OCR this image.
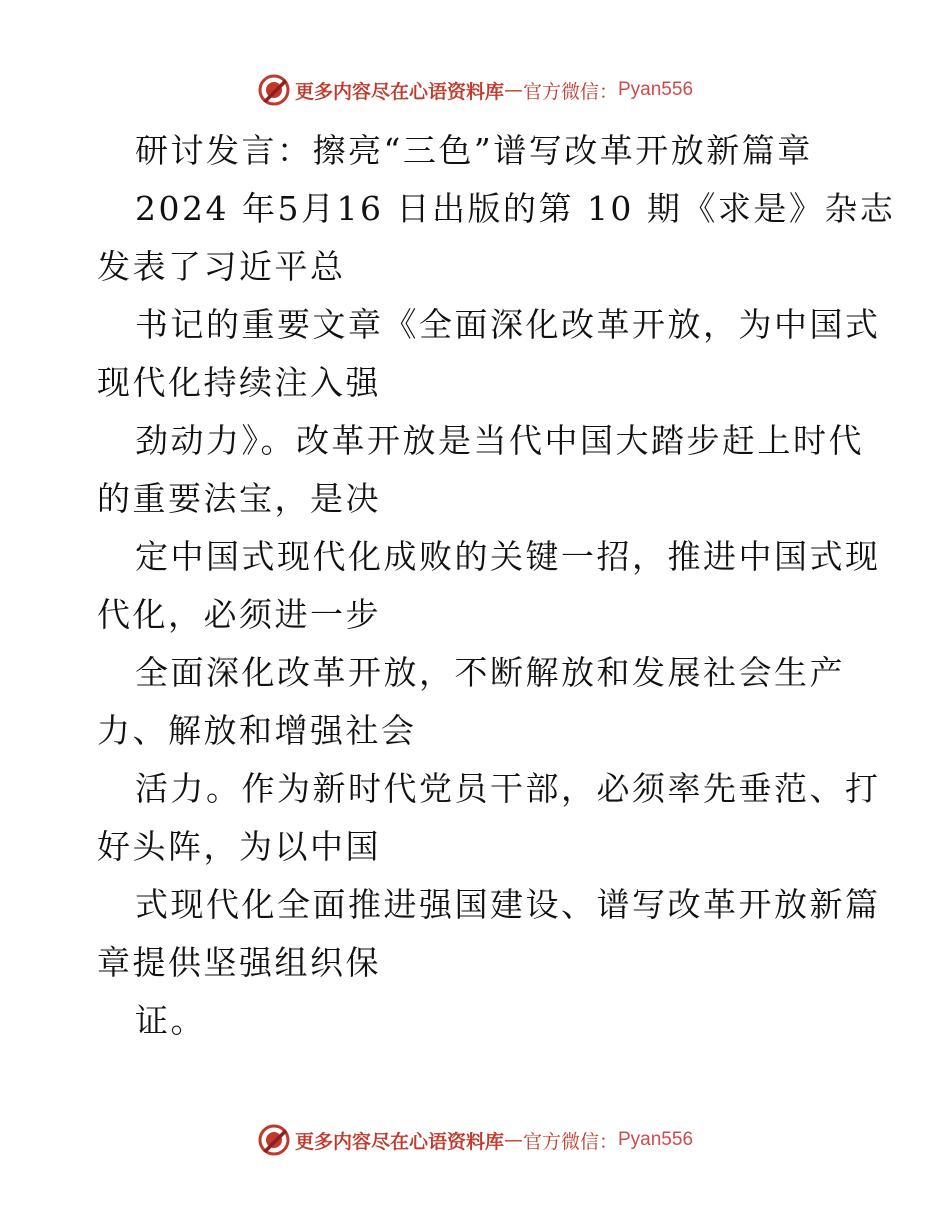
更多内容尽在心语资料库 — 官方微信： Pyan556
研讨发言：擦亮“三色”谱写改革开放新篇章
2024 年5月16 日出版的第 10 期《求是》杂志
发表了习近平总
书记的重要文章《全面深化改革开放，为中国式
现代化持续注入强
劲动力》。改革开放是当代中国大踏步赶上时代
的重要法宝，是决
定中国式现代化成败的关键一招，推进中国式现
代化，必须进一步
全面深化改革开放，不断解放和发展社会生产
力、解放和增强社会
活力。作为新时代党员干部，必须率先垂范、打
好头阵，为以中国
式现代化全面推进强国建设、谱写改革开放新篇
章提供坚强组织保
证。
更多内容尽在心语资料库 — 官方微信： Pyan556
